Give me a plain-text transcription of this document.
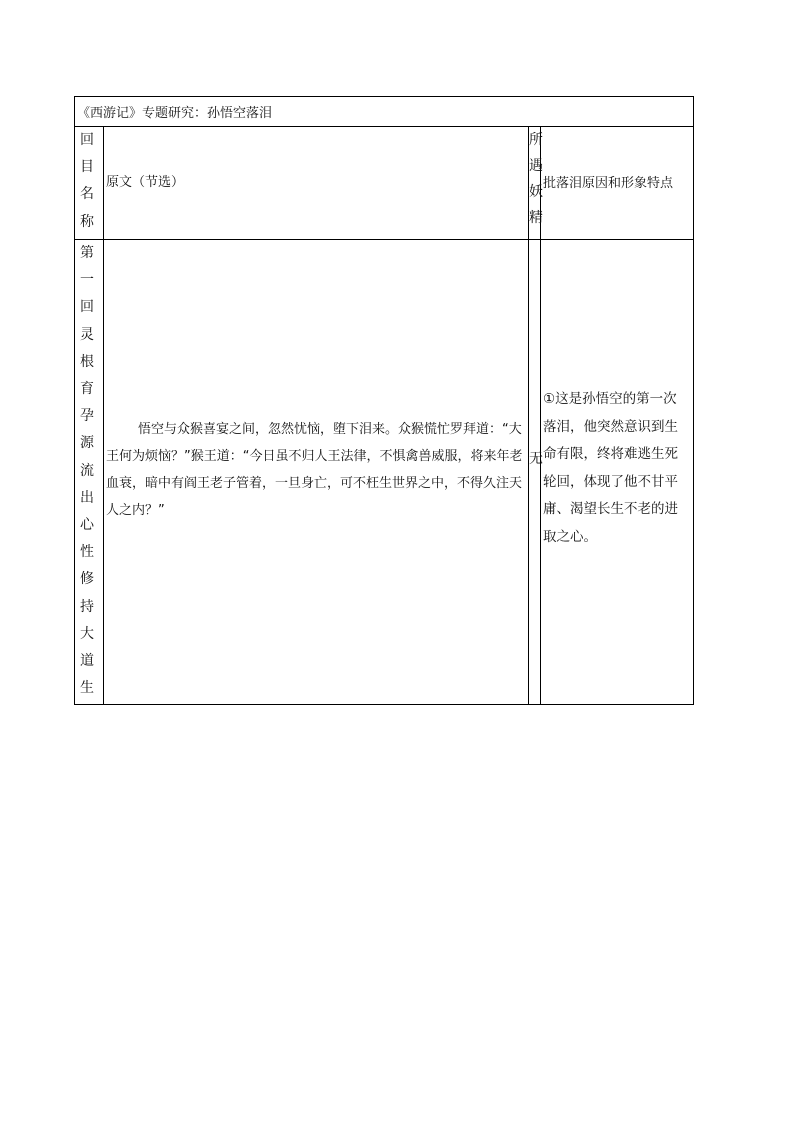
《西游记》专题研究：孙悟空落泪
回目名称
原文（节选）
所遇妖精
批落泪原因和形象特点
第一回灵根育孕源流出心性修持大道生
悟空与众猴喜宴之间，忽然忧恼，堕下泪来。众猴慌忙罗拜道：“大王何为烦恼？”猴王道：“今日虽不归人王法律，不惧禽兽威服，将来年老血衰，暗中有阎王老子管着，一旦身亡，可不枉生世界之中，不得久注天人之内？”
无
①这是孙悟空的第一次落泪，他突然意识到生命有限，终将难逃生死轮回，体现了他不甘平庸、渴望长生不老的进取之心。
